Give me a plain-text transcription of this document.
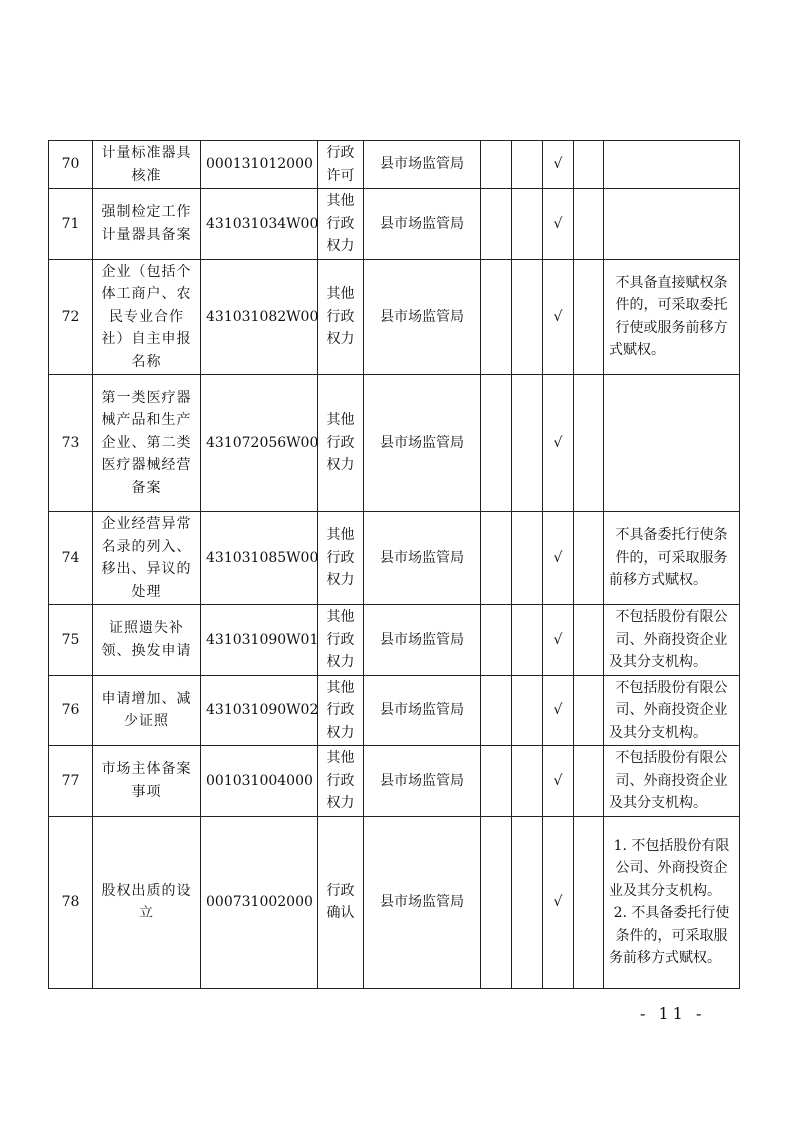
70	计量标准器具核准	000131012000	行政许可	县市场监管局			√		
71	强制检定工作计量器具备案	431031034W00	其他行政权力	县市场监管局			√		
72	企业（包括个体工商户、农民专业合作社）自主申报名称	431031082W00	其他行政权力	县市场监管局			√		不具备直接赋权条件的，可采取委托行使或服务前移方式赋权。

73	第一类医疗器械产品和生产企业、第二类医疗器械经营备案	431072056W00	其他行政权力	县市场监管局			√		
74	企业经营异常名录的列入、移出、异议的处理	431031085W00	其他行政权力	县市场监管局			√		不具备委托行使条件的，可采取服务前移方式赋权。

75	证照遗失补领、换发申请	431031090W01	其他行政权力	县市场监管局			√		不包括股份有限公司、外商投资企业及其分支机构。

76	申请增加、减少证照	431031090W02	其他行政权力	县市场监管局			√		不包括股份有限公司、外商投资企业及其分支机构。

77	市场主体备案事项	001031004000	其他行政权力	县市场监管局			√		不包括股份有限公司、外商投资企业及其分支机构。

78	股权出质的设立	000731002000	行政确认	县市场监管局			√		1. 不包括股份有限公司、外商投资企业及其分支机构。
2. 不具备委托行使条件的，可采取服务前移方式赋权。
- 11 -
